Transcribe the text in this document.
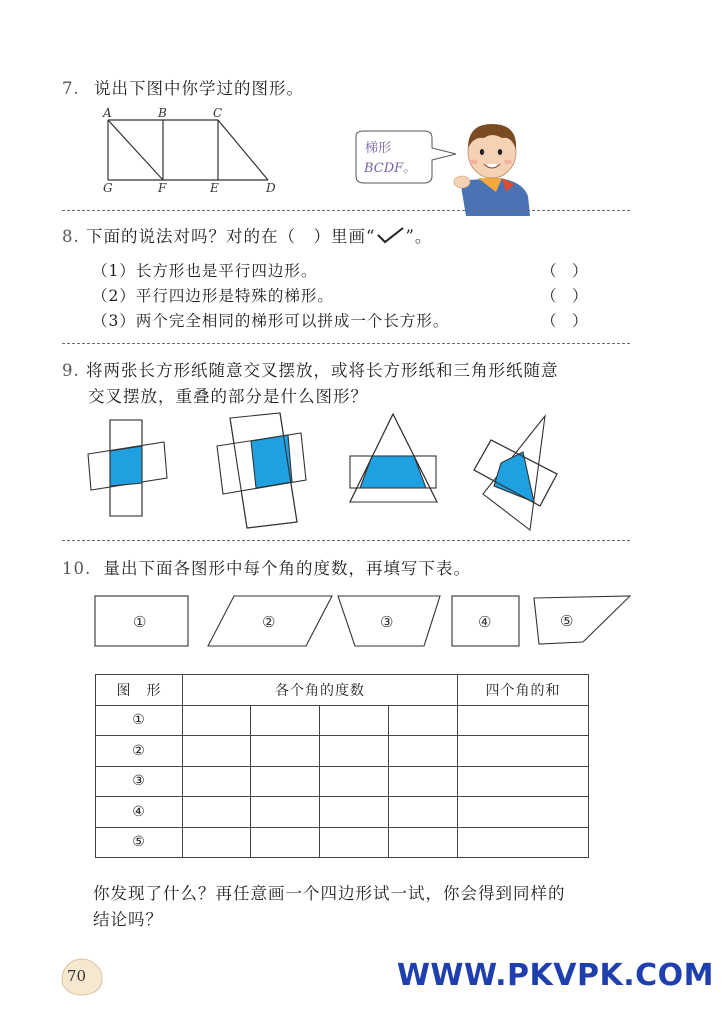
7. 说出下图中你学过的图形。
A	B	C
G	F	E	D
梯形
BCDF。
8. 下面的说法对吗？对的在（　）里画“ ”。
（1）长方形也是平行四边形。	（　）
（2）平行四边形是特殊的梯形。	（　）
（3）两个完全相同的梯形可以拼成一个长方形。	（　）
9. 将两张长方形纸随意交叉摆放，或将长方形纸和三角形纸随意
交叉摆放，重叠的部分是什么图形？
10. 量出下面各图形中每个角的度数，再填写下表。
①	②	③	④	⑤
图　形	各个角的度数				四个角的和
①					
②					
③					
④					
⑤					
你发现了什么？再任意画一个四边形试一试，你会得到同样的
结论吗？
70	WWW.PKVPK.COM
